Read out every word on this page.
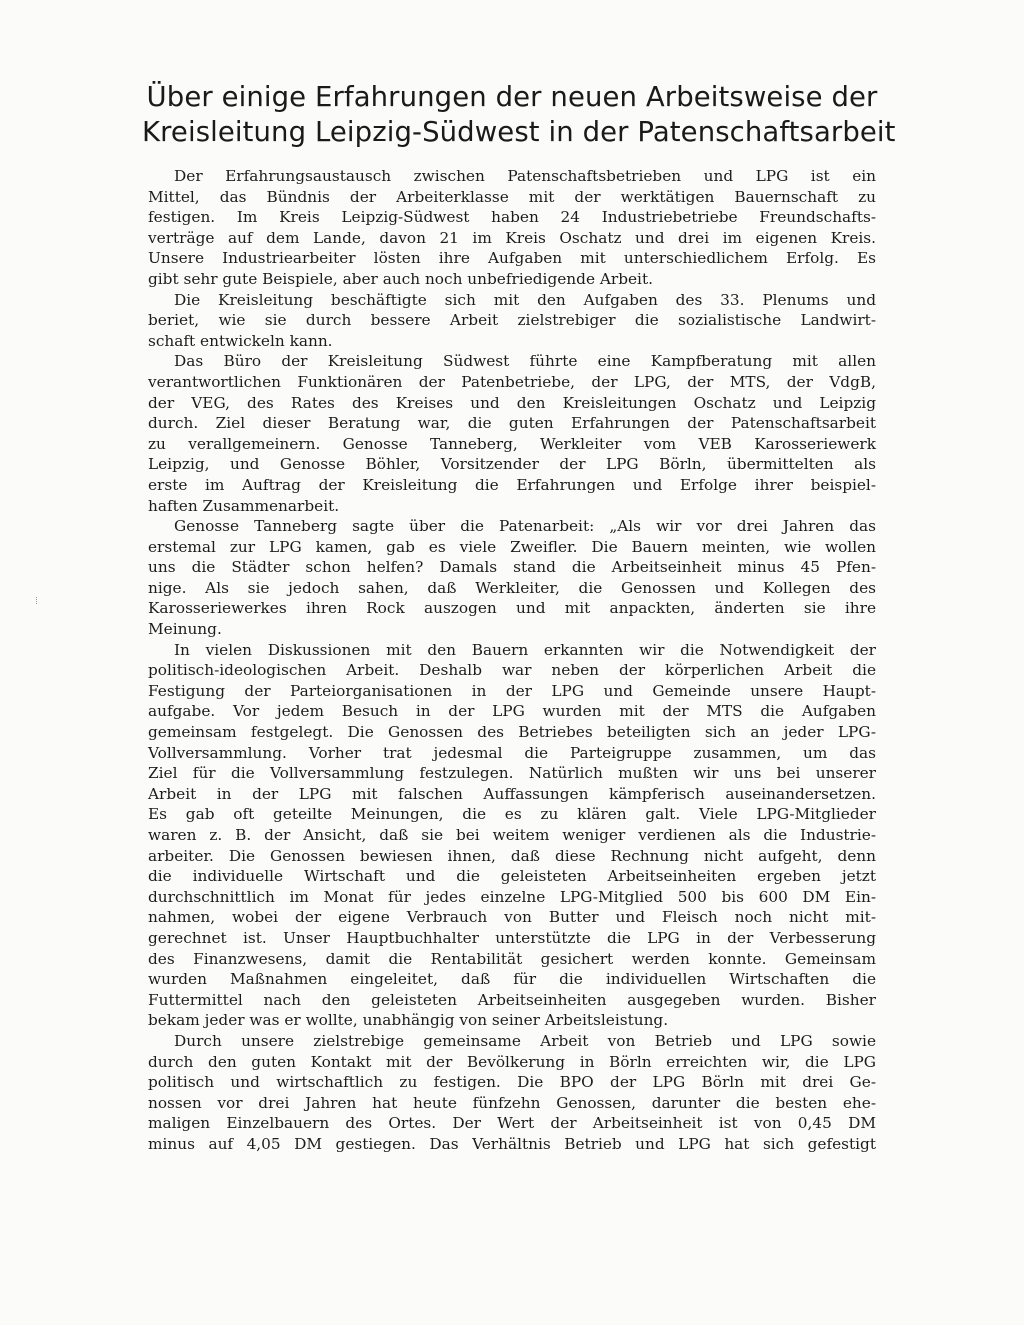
Über einige Erfahrungen der neuen Arbeitsweise der
Kreisleitung Leipzig-Südwest in der Patenschaftsarbeit
Der Erfahrungsaustausch zwischen Patenschaftsbetrieben und LPG ist ein
Mittel, das Bündnis der Arbeiterklasse mit der werktätigen Bauernschaft zu
festigen. Im Kreis Leipzig-Südwest haben 24 Industriebetriebe Freundschafts-
verträge auf dem Lande, davon 21 im Kreis Oschatz und drei im eigenen Kreis.
Unsere Industriearbeiter lösten ihre Aufgaben mit unterschiedlichem Erfolg. Es
gibt sehr gute Beispiele, aber auch noch unbefriedigende Arbeit.
Die Kreisleitung beschäftigte sich mit den Aufgaben des 33. Plenums und
beriet, wie sie durch bessere Arbeit zielstrebiger die sozialistische Landwirt-
schaft entwickeln kann.
Das Büro der Kreisleitung Südwest führte eine Kampfberatung mit allen
verantwortlichen Funktionären der Patenbetriebe, der LPG, der MTS, der VdgB,
der VEG, des Rates des Kreises und den Kreisleitungen Oschatz und Leipzig
durch. Ziel dieser Beratung war, die guten Erfahrungen der Patenschaftsarbeit
zu verallgemeinern. Genosse Tanneberg, Werkleiter vom VEB Karosseriewerk
Leipzig, und Genosse Böhler, Vorsitzender der LPG Börln, übermittelten als
erste im Auftrag der Kreisleitung die Erfahrungen und Erfolge ihrer beispiel-
haften Zusammenarbeit.
Genosse Tanneberg sagte über die Patenarbeit: „Als wir vor drei Jahren das
erstemal zur LPG kamen, gab es viele Zweifler. Die Bauern meinten, wie wollen
uns die Städter schon helfen? Damals stand die Arbeitseinheit minus 45 Pfen-
nige. Als sie jedoch sahen, daß Werkleiter, die Genossen und Kollegen des
Karosseriewerkes ihren Rock auszogen und mit anpackten, änderten sie ihre
Meinung.
In vielen Diskussionen mit den Bauern erkannten wir die Notwendigkeit der
politisch-ideologischen Arbeit. Deshalb war neben der körperlichen Arbeit die
Festigung der Parteiorganisationen in der LPG und Gemeinde unsere Haupt-
aufgabe. Vor jedem Besuch in der LPG wurden mit der MTS die Aufgaben
gemeinsam festgelegt. Die Genossen des Betriebes beteiligten sich an jeder LPG-
Vollversammlung. Vorher trat jedesmal die Parteigruppe zusammen, um das
Ziel für die Vollversammlung festzulegen. Natürlich mußten wir uns bei unserer
Arbeit in der LPG mit falschen Auffassungen kämpferisch auseinandersetzen.
Es gab oft geteilte Meinungen, die es zu klären galt. Viele LPG-Mitglieder
waren z. B. der Ansicht, daß sie bei weitem weniger verdienen als die Industrie-
arbeiter. Die Genossen bewiesen ihnen, daß diese Rechnung nicht aufgeht, denn
die individuelle Wirtschaft und die geleisteten Arbeitseinheiten ergeben jetzt
durchschnittlich im Monat für jedes einzelne LPG-Mitglied 500 bis 600 DM Ein-
nahmen, wobei der eigene Verbrauch von Butter und Fleisch noch nicht mit-
gerechnet ist. Unser Hauptbuchhalter unterstützte die LPG in der Verbesserung
des Finanzwesens, damit die Rentabilität gesichert werden konnte. Gemeinsam
wurden Maßnahmen eingeleitet, daß für die individuellen Wirtschaften die
Futtermittel nach den geleisteten Arbeitseinheiten ausgegeben wurden. Bisher
bekam jeder was er wollte, unabhängig von seiner Arbeitsleistung.
Durch unsere zielstrebige gemeinsame Arbeit von Betrieb und LPG sowie
durch den guten Kontakt mit der Bevölkerung in Börln erreichten wir, die LPG
politisch und wirtschaftlich zu festigen. Die BPO der LPG Börln mit drei Ge-
nossen vor drei Jahren hat heute fünfzehn Genossen, darunter die besten ehe-
maligen Einzelbauern des Ortes. Der Wert der Arbeitseinheit ist von 0,45 DM
minus auf 4,05 DM gestiegen. Das Verhältnis Betrieb und LPG hat sich gefestigt
